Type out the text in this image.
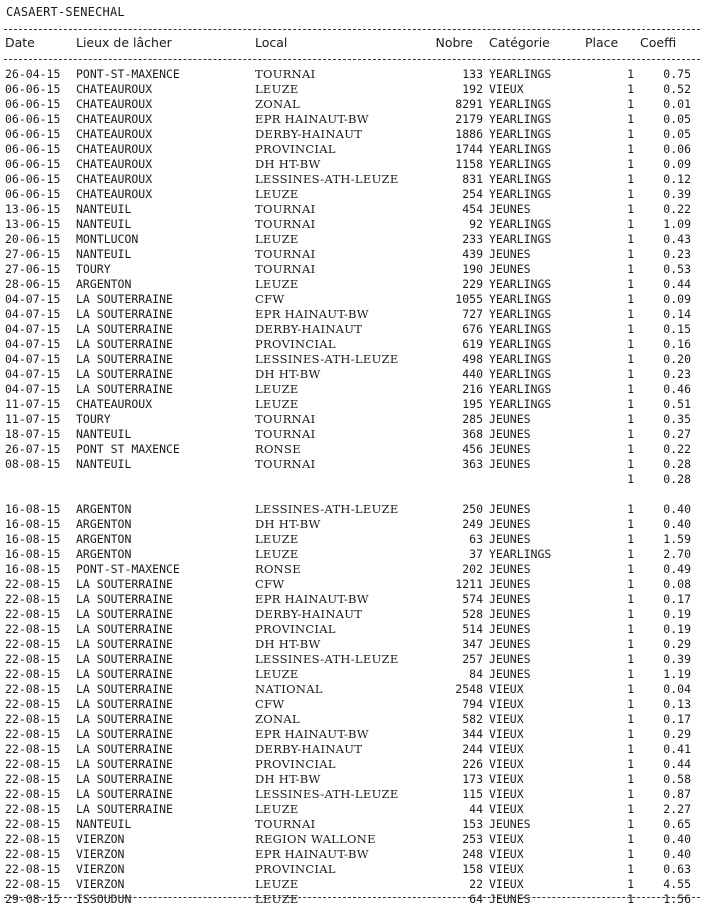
CASAERT-SENECHAL
Date	Lieux de lâcher	Local	Nobre Catégorie	Place	Coeffi
26-04-15 PONT-ST-MAXENCE	TOURNAI	133 YEARLINGS	1	0.75
06-06-15 CHATEAUROUX	LEUZE	192 VIEUX	1	0.52
06-06-15 CHATEAUROUX	ZONAL	8291 YEARLINGS	1	0.01
06-06-15 CHATEAUROUX	EPR HAINAUT-BW	2179 YEARLINGS	1	0.05
06-06-15 CHATEAUROUX	DERBY-HAINAUT	1886 YEARLINGS	1	0.05
06-06-15 CHATEAUROUX	PROVINCIAL	1744 YEARLINGS	1	0.06
06-06-15 CHATEAUROUX	DH HT-BW	1158 YEARLINGS	1	0.09
06-06-15 CHATEAUROUX	LESSINES-ATH-LEUZE	831 YEARLINGS	1	0.12
06-06-15 CHATEAUROUX	LEUZE	254 YEARLINGS	1	0.39
13-06-15 NANTEUIL	TOURNAI	454 JEUNES	1	0.22
13-06-15 NANTEUIL	TOURNAI	92 YEARLINGS	1	1.09
20-06-15 MONTLUCON	LEUZE	233 YEARLINGS	1	0.43
27-06-15 NANTEUIL	TOURNAI	439 JEUNES	1	0.23
27-06-15 TOURY	TOURNAI	190 JEUNES	1	0.53
28-06-15 ARGENTON	LEUZE	229 YEARLINGS	1	0.44
04-07-15 LA SOUTERRAINE	CFW	1055 YEARLINGS	1	0.09
04-07-15 LA SOUTERRAINE	EPR HAINAUT-BW	727 YEARLINGS	1	0.14
04-07-15 LA SOUTERRAINE	DERBY-HAINAUT	676 YEARLINGS	1	0.15
04-07-15 LA SOUTERRAINE	PROVINCIAL	619 YEARLINGS	1	0.16
04-07-15 LA SOUTERRAINE	LESSINES-ATH-LEUZE	498 YEARLINGS	1	0.20
04-07-15 LA SOUTERRAINE	DH HT-BW	440 YEARLINGS	1	0.23
04-07-15 LA SOUTERRAINE	LEUZE	216 YEARLINGS	1	0.46
11-07-15 CHATEAUROUX	LEUZE	195 YEARLINGS	1	0.51
11-07-15 TOURY	TOURNAI	285 JEUNES	1	0.35
18-07-15 NANTEUIL	TOURNAI	368 JEUNES	1	0.27
26-07-15 PONT ST MAXENCE	RONSE	456 JEUNES	1	0.22
08-08-15 NANTEUIL	TOURNAI	363 JEUNES	1	0.28
1	0.28
16-08-15 ARGENTON	LESSINES-ATH-LEUZE	250 JEUNES	1	0.40
16-08-15 ARGENTON	DH HT-BW	249 JEUNES	1	0.40
16-08-15 ARGENTON	LEUZE	63 JEUNES	1	1.59
16-08-15 ARGENTON	LEUZE	37 YEARLINGS	1	2.70
16-08-15 PONT-ST-MAXENCE	RONSE	202 JEUNES	1	0.49
22-08-15 LA SOUTERRAINE	CFW	1211 JEUNES	1	0.08
22-08-15 LA SOUTERRAINE	EPR HAINAUT-BW	574 JEUNES	1	0.17
22-08-15 LA SOUTERRAINE	DERBY-HAINAUT	528 JEUNES	1	0.19
22-08-15 LA SOUTERRAINE	PROVINCIAL	514 JEUNES	1	0.19
22-08-15 LA SOUTERRAINE	DH HT-BW	347 JEUNES	1	0.29
22-08-15 LA SOUTERRAINE	LESSINES-ATH-LEUZE	257 JEUNES	1	0.39
22-08-15 LA SOUTERRAINE	LEUZE	84 JEUNES	1	1.19
22-08-15 LA SOUTERRAINE	NATIONAL	2548 VIEUX	1	0.04
22-08-15 LA SOUTERRAINE	CFW	794 VIEUX	1	0.13
22-08-15 LA SOUTERRAINE	ZONAL	582 VIEUX	1	0.17
22-08-15 LA SOUTERRAINE	EPR HAINAUT-BW	344 VIEUX	1	0.29
22-08-15 LA SOUTERRAINE	DERBY-HAINAUT	244 VIEUX	1	0.41
22-08-15 LA SOUTERRAINE	PROVINCIAL	226 VIEUX	1	0.44
22-08-15 LA SOUTERRAINE	DH HT-BW	173 VIEUX	1	0.58
22-08-15 LA SOUTERRAINE	LESSINES-ATH-LEUZE	115 VIEUX	1	0.87
22-08-15 LA SOUTERRAINE	LEUZE	44 VIEUX	1	2.27
22-08-15 NANTEUIL	TOURNAI	153 JEUNES	1	0.65
22-08-15 VIERZON	REGION WALLONE	253 VIEUX	1	0.40
22-08-15 VIERZON	EPR HAINAUT-BW	248 VIEUX	1	0.40
22-08-15 VIERZON	PROVINCIAL	158 VIEUX	1	0.63
22-08-15 VIERZON	LEUZE	22 VIEUX	1	4.55
29-08-15 ISSOUDUN	LEUZE	64 JEUNES	1	1.56
